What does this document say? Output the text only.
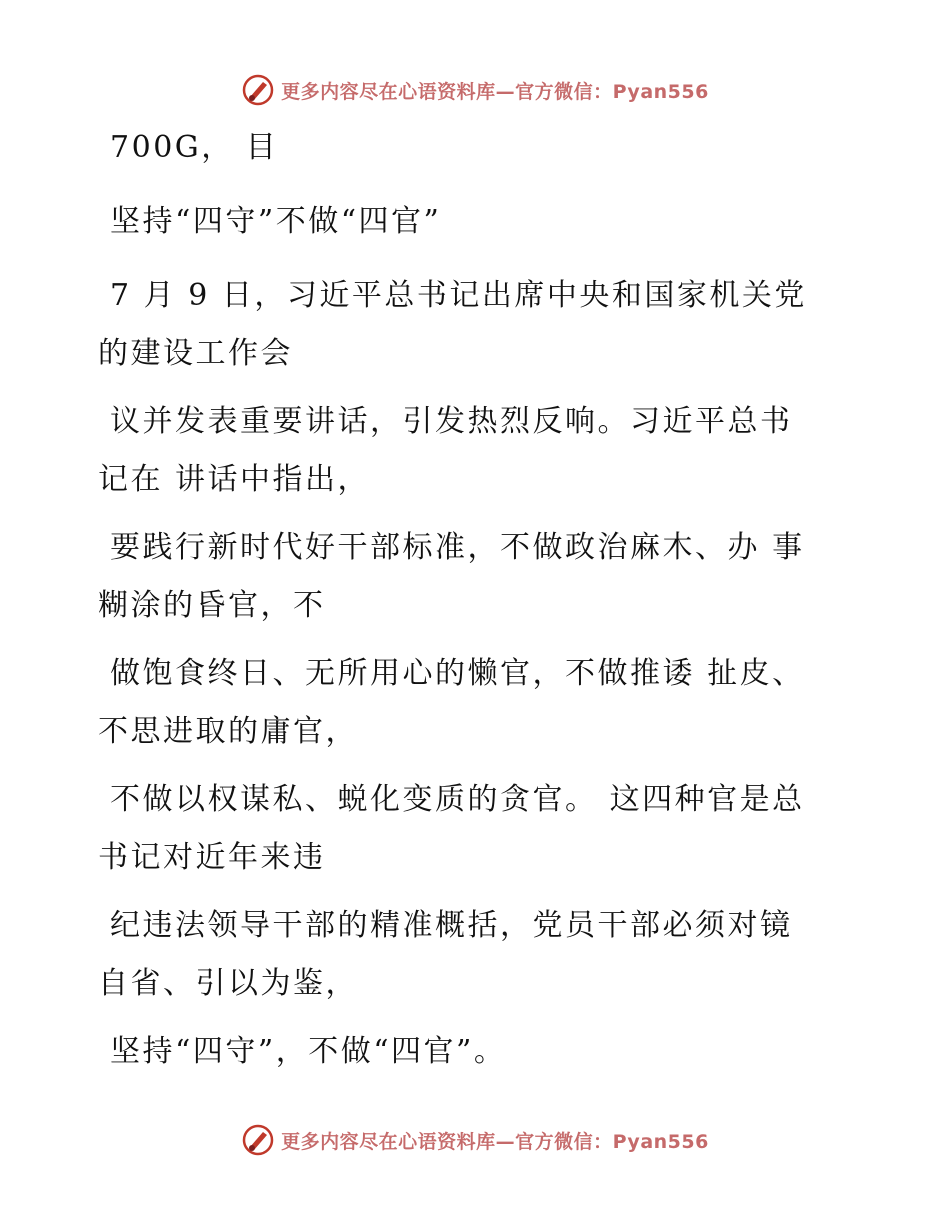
更多内容尽在心语资料库—官方微信：Pyan556

700G， 目

坚持“四守”不做“四官”

7 月 9 日，习近平总书记出席中央和国家机关党

的建设工作会

议并发表重要讲话，引发热烈反响。习近平总书

记在 讲话中指出，

要践行新时代好干部标准，不做政治麻木、办 事

糊涂的昏官，不

做饱食终日、无所用心的懒官，不做推诿 扯皮、

不思进取的庸官，

不做以权谋私、蜕化变质的贪官。 这四种官是总

书记对近年来违

纪违法领导干部的精准概括，党员干部必须对镜

自省、引以为鉴，

坚持“四守”，不做“四官”。

更多内容尽在心语资料库—官方微信：Pyan556
